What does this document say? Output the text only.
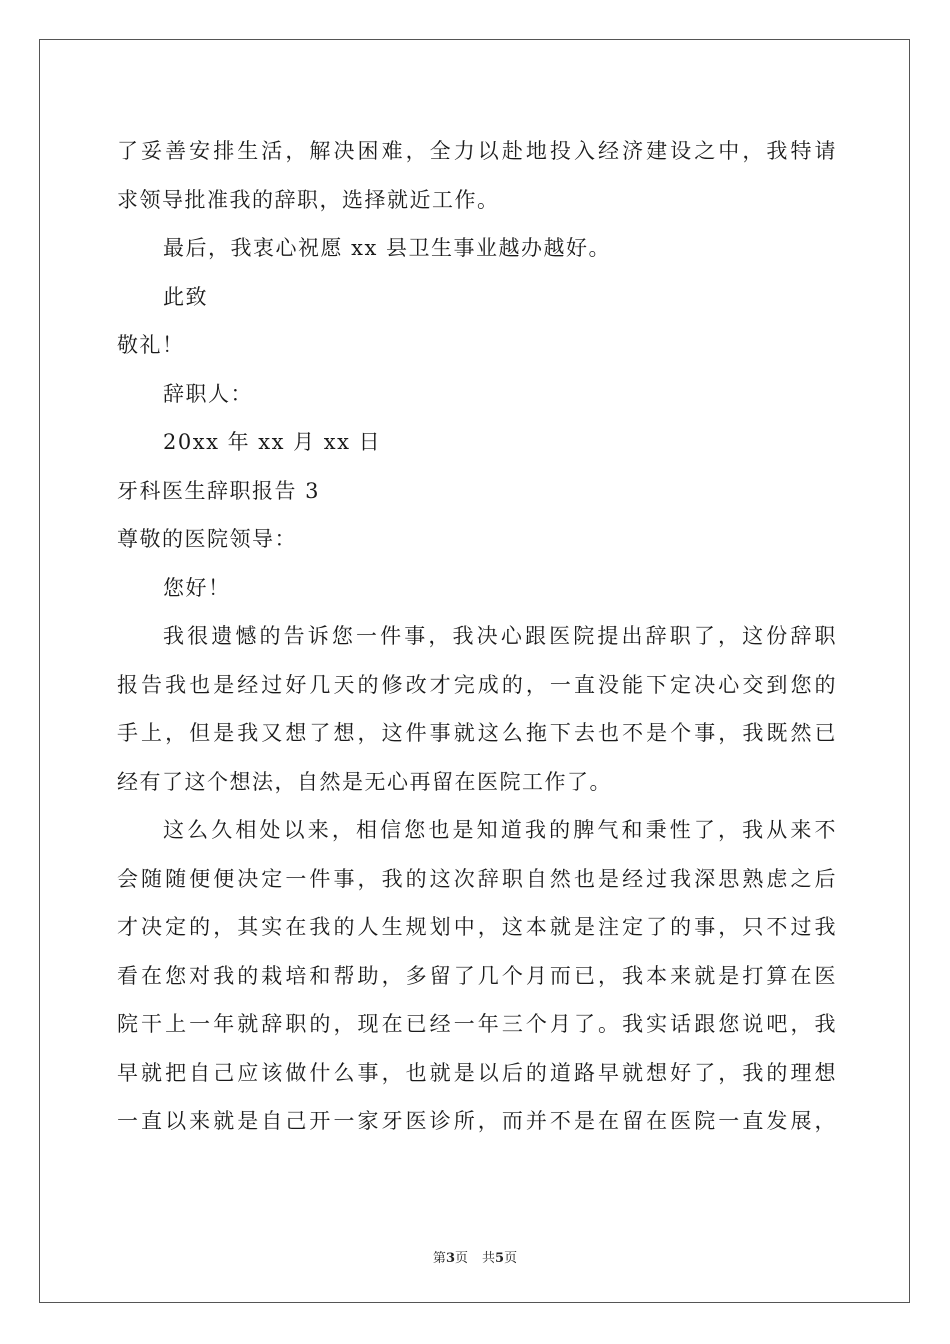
了妥善安排生活，解决困难，全力以赴地投入经济建设之中，我特请
求领导批准我的辞职，选择就近工作。
最后，我衷心祝愿 xx 县卫生事业越办越好。
此致
敬礼！
辞职人：
20xx 年 xx 月 xx 日
牙科医生辞职报告 3
尊敬的医院领导：
您好！
我很遗憾的告诉您一件事，我决心跟医院提出辞职了，这份辞职
报告我也是经过好几天的修改才完成的，一直没能下定决心交到您的
手上，但是我又想了想，这件事就这么拖下去也不是个事，我既然已
经有了这个想法，自然是无心再留在医院工作了。
这么久相处以来，相信您也是知道我的脾气和秉性了，我从来不
会随随便便决定一件事，我的这次辞职自然也是经过我深思熟虑之后
才决定的，其实在我的人生规划中，这本就是注定了的事，只不过我
看在您对我的栽培和帮助，多留了几个月而已，我本来就是打算在医
院干上一年就辞职的，现在已经一年三个月了。我实话跟您说吧，我
早就把自己应该做什么事，也就是以后的道路早就想好了，我的理想
一直以来就是自己开一家牙医诊所，而并不是在留在医院一直发展，
第3页 共5页
